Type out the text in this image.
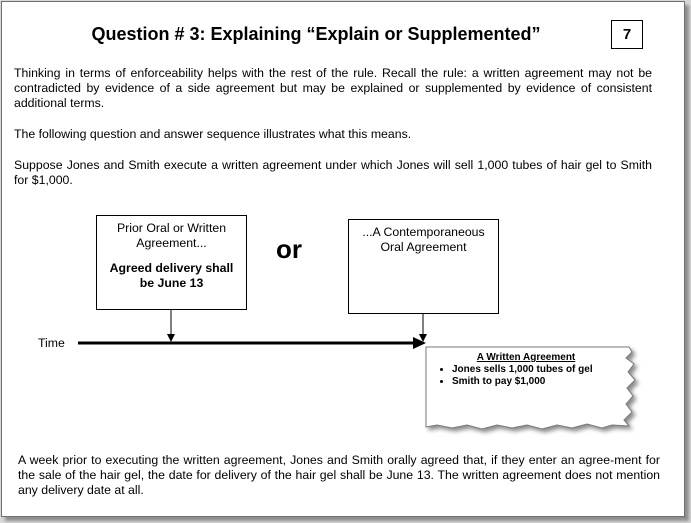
Question # 3: Explaining “Explain or Supplemented”	7
Thinking in terms of enforceability helps with the rest of the rule. Recall the rule: a written agreement may not be contradicted by evidence of a side agreement but may be explained or supplemented by evidence of consistent additional terms.
The following question and answer sequence illustrates what this means.
Suppose Jones and Smith execute a written agreement under which Jones will sell 1,000 tubes of hair gel to Smith for $1,000.
Prior Oral or Written Agreement...
Agreed delivery shall be June 13
or
...A Contemporaneous Oral Agreement
Time
A Written Agreement
• Jones sells 1,000 tubes of gel
• Smith to pay $1,000
A week prior to executing the written agreement, Jones and Smith orally agreed that, if they enter an agree-ment for the sale of the hair gel, the date for delivery of the hair gel shall be June 13. The written agreement does not mention any delivery date at all.
